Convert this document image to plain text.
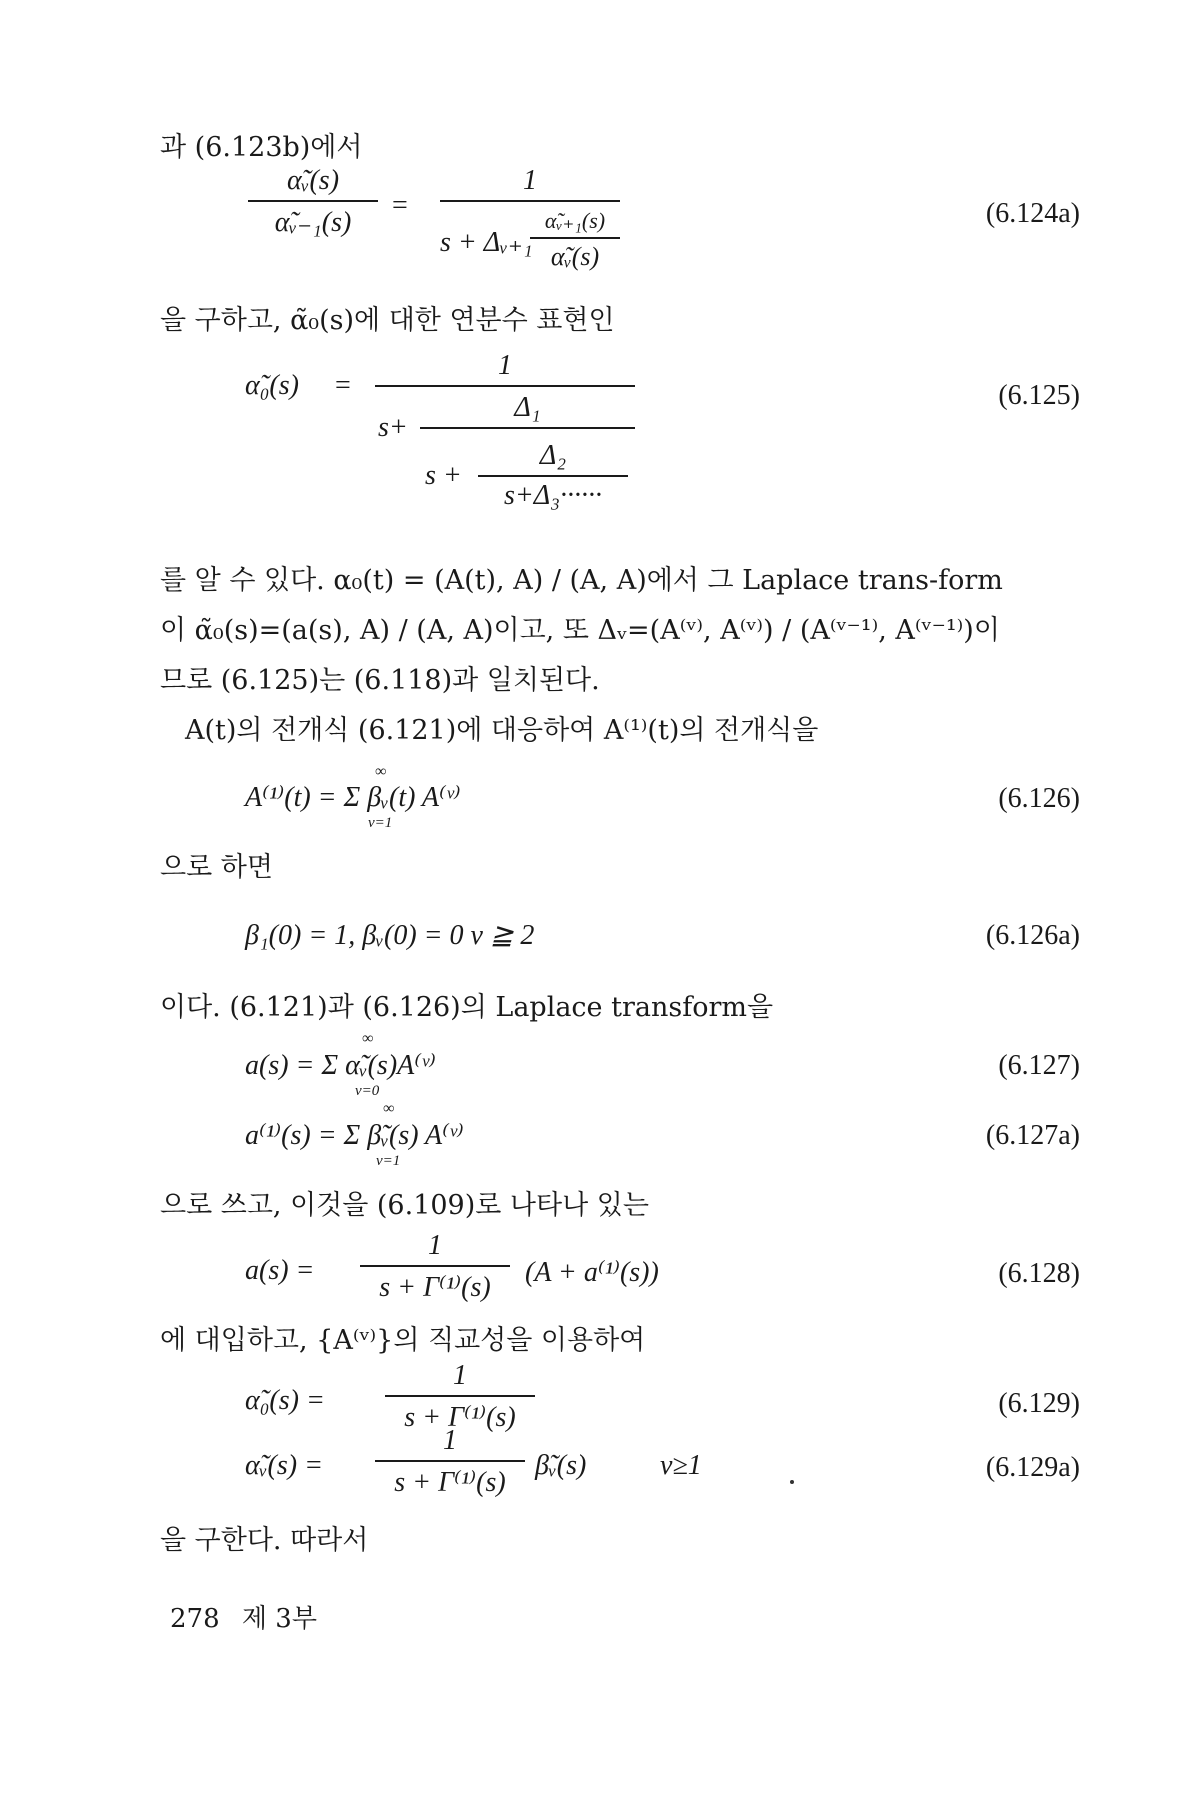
과 (6.123b)에서
α̃ᵥ(s)
α̃ᵥ₋₁(s)
=
1
s + Δᵥ₊₁
α̃ᵥ₊₁(s)
α̃ᵥ(s)
(6.124a)
을 구하고, α̃₀(s)에 대한 연분수 표현인
α̃₀(s) =
1
s+
Δ₁
s +
Δ₂
s+Δ₃······
(6.125)
를 알 수 있다. α₀(t) = (A(t), A) / (A, A)에서 그 Laplace trans-form
이 α̃₀(s)=(a(s), A) / (A, A)이고, 또 Δᵥ=(A⁽ᵛ⁾, A⁽ᵛ⁾) / (A⁽ᵛ⁻¹⁾, A⁽ᵛ⁻¹⁾)이
므로 (6.125)는 (6.118)과 일치된다.
A(t)의 전개식 (6.121)에 대응하여 A⁽¹⁾(t)의 전개식을
∞
A⁽¹⁾(t) = Σ βᵥ(t) A⁽ᵛ⁾
ν=1
(6.126)
으로 하면
β₁(0) = 1, βᵥ(0) = 0 ν ≧ 2	(6.126a)
이다. (6.121)과 (6.126)의 Laplace transform을
∞
a(s) = Σ α̃ᵥ(s)A⁽ᵛ⁾
ν=0
(6.127)
∞
a⁽¹⁾(s) = Σ β̃ᵥ(s) A⁽ᵛ⁾
ν=1
(6.127a)
으로 쓰고, 이것을 (6.109)로 나타나 있는
a(s) =
1
s + Γ⁽¹⁾(s) (A + a⁽¹⁾(s))	(6.128)
에 대입하고, {A⁽ᵛ⁾}의 직교성을 이용하여
α̃₀(s) =
1
s + Γ⁽¹⁾(s)	(6.129)
α̃ᵥ(s) =
1
s + Γ⁽¹⁾(s)
β̃ᵥ(s)	ν≥1	(6.129a)
을 구한다. 따라서
278 제 3부
